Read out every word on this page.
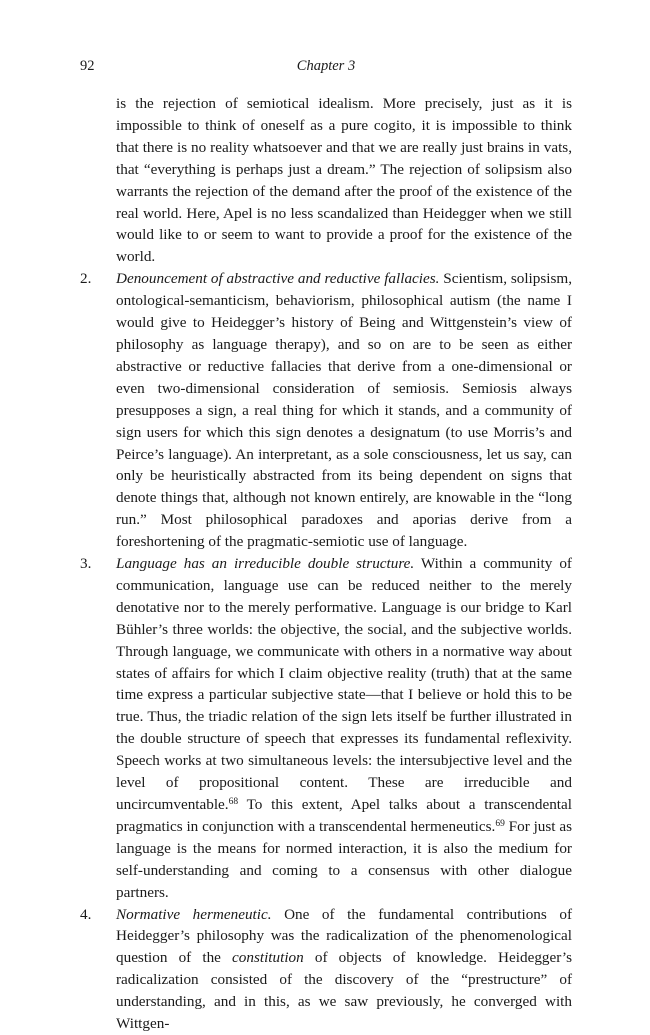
92	Chapter 3

is the rejection of semiotical idealism. More precisely, just as it is impossible to think of oneself as a pure cogito, it is impossible to think that there is no reality whatsoever and that we are really just brains in vats, that “everything is perhaps just a dream.” The rejection of solipsism also warrants the rejection of the demand after the proof of the existence of the real world. Here, Apel is no less scandalized than Heidegger when we still would like to or seem to want to provide a proof for the existence of the world.

2.	Denouncement of abstractive and reductive fallacies. Scientism, solipsism, ontological-semanticism, behaviorism, philosophical autism (the name I would give to Heidegger’s history of Being and Wittgenstein’s view of philosophy as language therapy), and so on are to be seen as either abstractive or reductive fallacies that derive from a one-dimensional or even two-dimensional consideration of semiosis. Semiosis always presupposes a sign, a real thing for which it stands, and a community of sign users for which this sign denotes a designatum (to use Morris’s and Peirce’s language). An interpretant, as a sole consciousness, let us say, can only be heuristically abstracted from its being dependent on signs that denote things that, although not known entirely, are knowable in the “long run.” Most philosophical paradoxes and aporias derive from a foreshortening of the pragmatic-semiotic use of language.

3.	Language has an irreducible double structure. Within a community of communication, language use can be reduced neither to the merely denotative nor to the merely performative. Language is our bridge to Karl Bühler’s three worlds: the objective, the social, and the subjective worlds. Through language, we communicate with others in a normative way about states of affairs for which I claim objective reality (truth) that at the same time express a particular subjective state—that I believe or hold this to be true. Thus, the triadic relation of the sign lets itself be further illustrated in the double structure of speech that expresses its fundamental reflexivity. Speech works at two simultaneous levels: the intersubjective level and the level of propositional content. These are irreducible and uncircumventable.$^{68}$ To this extent, Apel talks about a transcendental pragmatics in conjunction with a transcendental hermeneutics.$^{69}$ For just as language is the means for normed interaction, it is also the medium for self-understanding and coming to a consensus with other dialogue partners.

4.	Normative hermeneutic. One of the fundamental contributions of Heidegger’s philosophy was the radicalization of the phenomenological question of the constitution of objects of knowledge. Heidegger’s radicalization consisted of the discovery of the “prestructure” of understanding, and in this, as we saw previously, he converged with Wittgen-
